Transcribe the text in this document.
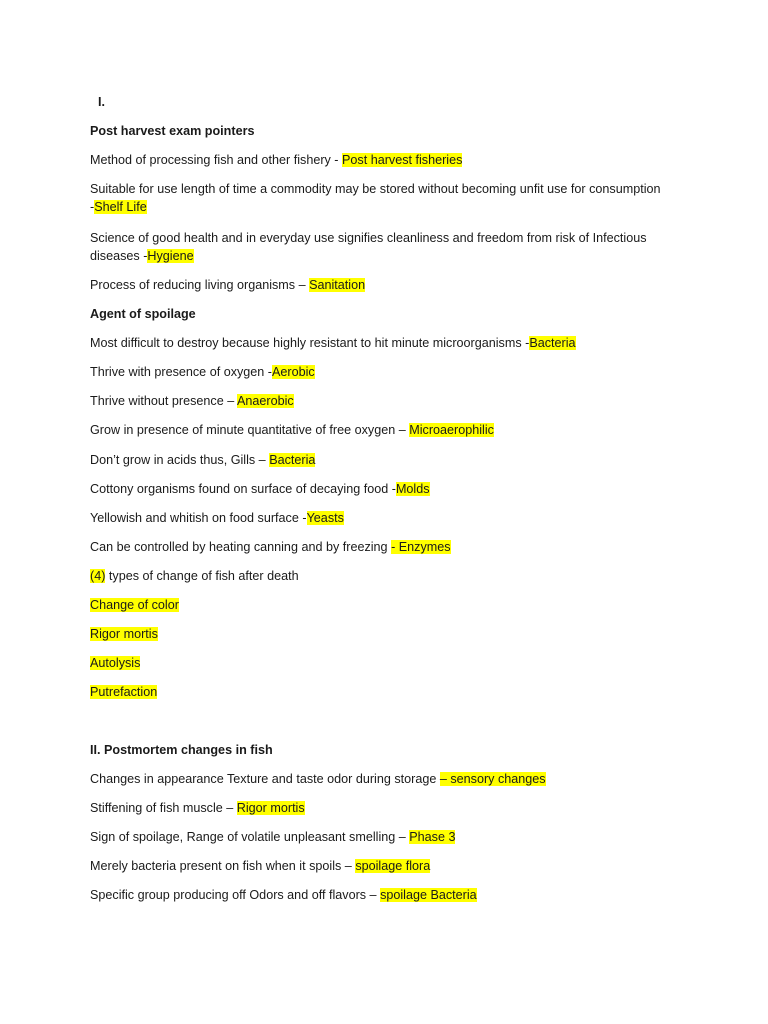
I.
Post harvest exam pointers
Method of processing fish and other fishery - Post harvest fisheries
Suitable for use length of time a commodity may be stored without becoming unfit use for consumption
-Shelf Life
Science of good health and in everyday use signifies cleanliness and freedom from risk of Infectious
diseases -Hygiene
Process of reducing living organisms – Sanitation
Agent of spoilage
Most difficult to destroy because highly resistant to hit minute microorganisms -Bacteria
Thrive with presence of oxygen -Aerobic
Thrive without presence – Anaerobic
Grow in presence of minute quantitative of free oxygen – Microaerophilic
Don’t grow in acids thus, Gills – Bacteria
Cottony organisms found on surface of decaying food -Molds
Yellowish and whitish on food surface -Yeasts
Can be controlled by heating canning and by freezing - Enzymes
(4) types of change of fish after death
Change of color
Rigor mortis
Autolysis
Putrefaction
II. Postmortem changes in fish
Changes in appearance Texture and taste odor during storage – sensory changes
Stiffening of fish muscle – Rigor mortis
Sign of spoilage, Range of volatile unpleasant smelling – Phase 3
Merely bacteria present on fish when it spoils – spoilage flora
Specific group producing off Odors and off flavors – spoilage Bacteria
